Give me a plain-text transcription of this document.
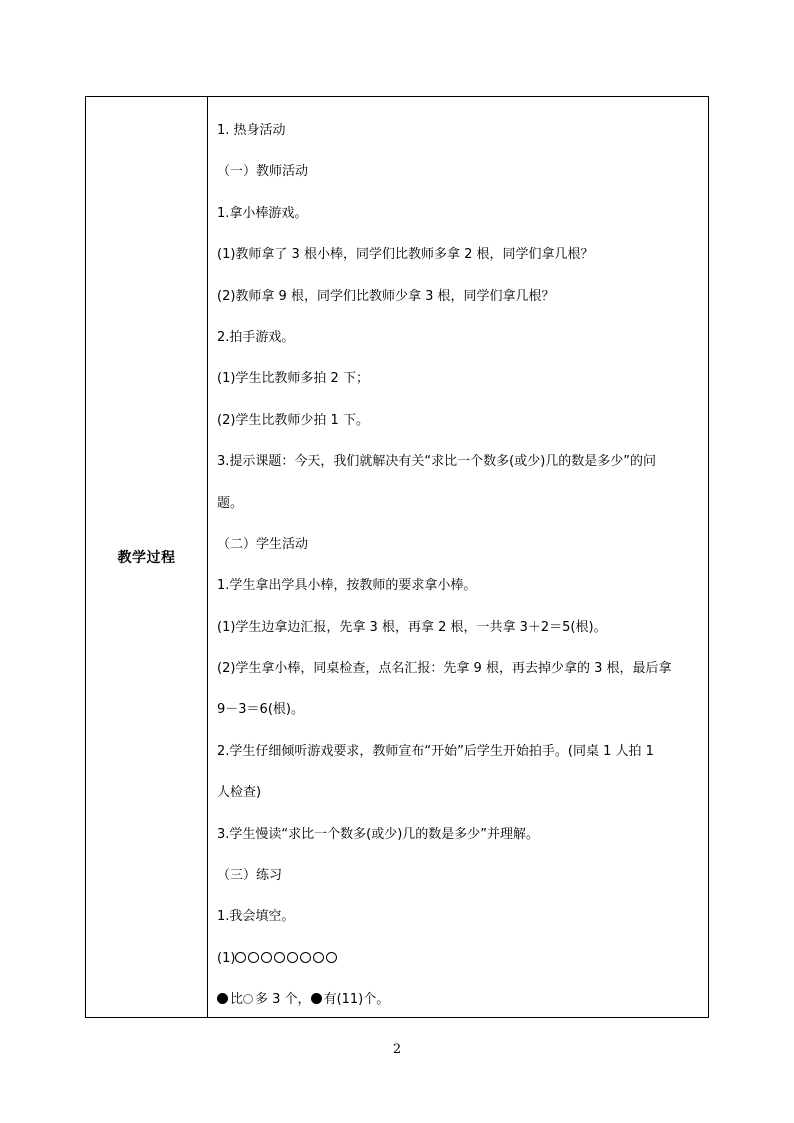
教学过程
1. 热身活动
（一）教师活动
1.拿小棒游戏。
(1)教师拿了 3 根小棒，同学们比教师多拿 2 根，同学们拿几根？
(2)教师拿 9 根，同学们比教师少拿 3 根，同学们拿几根？
2.拍手游戏。
(1)学生比教师多拍 2 下；
(2)学生比教师少拍 1 下。
3.提示课题：今天，我们就解决有关“求比一个数多(或少)几的数是多少”的问
题。
（二）学生活动
1.学生拿出学具小棒，按教师的要求拿小棒。
(1)学生边拿边汇报，先拿 3 根，再拿 2 根，一共拿 3＋2＝5(根)。
(2)学生拿小棒，同桌检查，点名汇报：先拿 9 根，再去掉少拿的 3 根，最后拿
9－3＝6(根)。
2.学生仔细倾听游戏要求，教师宣布“开始”后学生开始拍手。(同桌 1 人拍 1
人检查)
3.学生慢读“求比一个数多(或少)几的数是多少”并理解。
（三）练习
1.我会填空。
(1)
比 多 3 个， 有(11)个。
2
